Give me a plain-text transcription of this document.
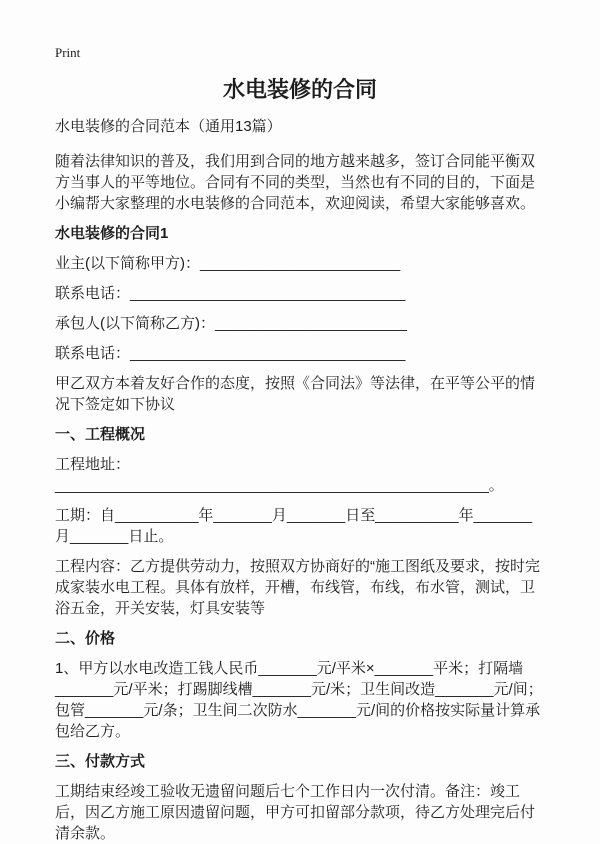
Print
水电装修的合同

水电装修的合同范本（通用13篇）

随着法律知识的普及，我们用到合同的地方越来越多，签订合同能平衡双方当事人的平等地位。合同有不同的类型，当然也有不同的目的，下面是小编帮大家整理的水电装修的合同范本，欢迎阅读，希望大家能够喜欢。

水电装修的合同1

业主(以下简称甲方)：________________________

联系电话：_________________________________

承包人(以下简称乙方)：_______________________

联系电话：_________________________________

甲乙双方本着友好合作的态度，按照《合同法》等法律，在平等公平的情况下签定如下协议

一、工程概况

工程地址：____________________________________________________。

工期：自__________年_______月_______日至__________年_______月_______日止。

工程内容：乙方提供劳动力，按照双方协商好的“施工图纸及要求，按时完成家装水电工程。具体有放样，开槽，布线管，布线，布水管，测试，卫浴五金，开关安装，灯具安装等

二、价格

1、甲方以水电改造工钱人民币_______元/平米×_______平米；打隔墙_______元/平米；打踢脚线槽_______元/米；卫生间改造_______元/间；包管_______元/条；卫生间二次防水_______元/间的价格按实际量计算承包给乙方。

三、付款方式

工期结束经竣工验收无遗留问题后七个工作日内一次付清。备注：竣工后，因乙方施工原因遗留问题，甲方可扣留部分款项，待乙方处理完后付清余款。
